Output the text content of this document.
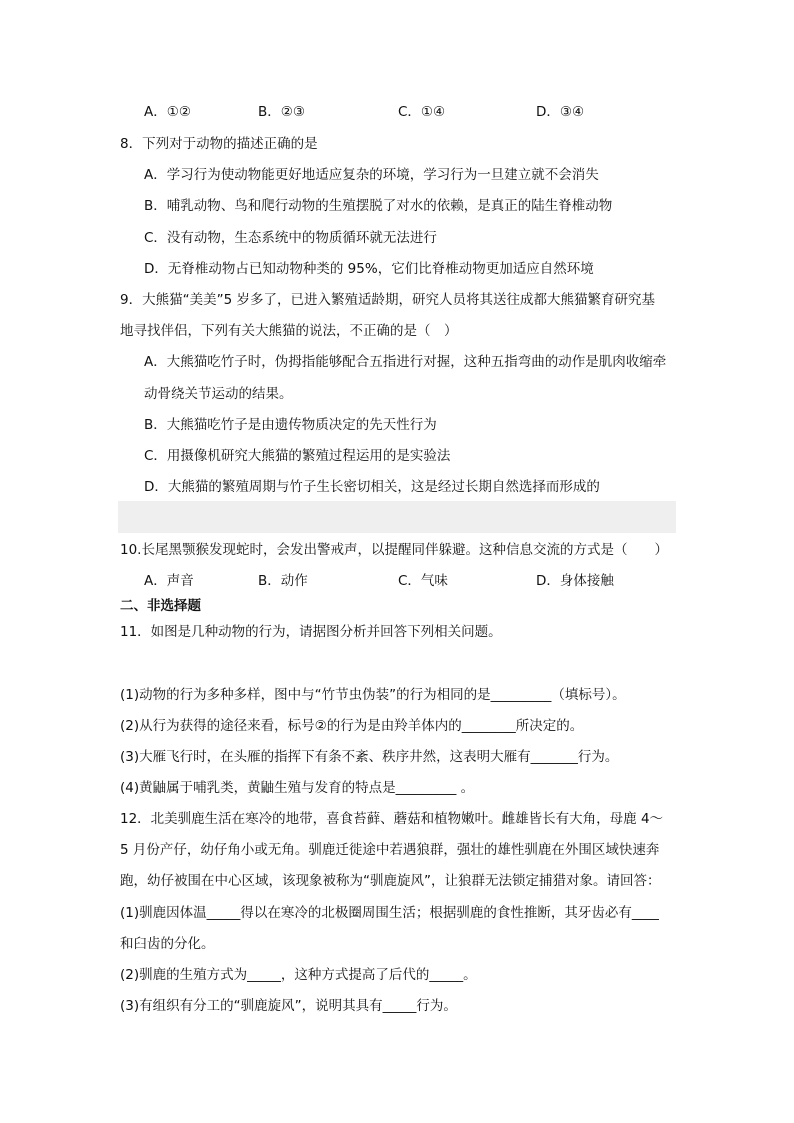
A．①②	B．②③	C．①④	D．③④
8．下列对于动物的描述正确的是
A．学习行为使动物能更好地适应复杂的环境，学习行为一旦建立就不会消失
B．哺乳动物、鸟和爬行动物的生殖摆脱了对水的依赖，是真正的陆生脊椎动物
C．没有动物，生态系统中的物质循环就无法进行
D．无脊椎动物占已知动物种类的 95%，它们比脊椎动物更加适应自然环境
9．大熊猫“美美”5 岁多了，已进入繁殖适龄期，研究人员将其送往成都大熊猫繁育研究基
地寻找伴侣，下列有关大熊猫的说法，不正确的是（　）
A．大熊猫吃竹子时，伪拇指能够配合五指进行对握，这种五指弯曲的动作是肌肉收缩牵
动骨绕关节运动的结果。
B．大熊猫吃竹子是由遗传物质决定的先天性行为
C．用摄像机研究大熊猫的繁殖过程运用的是实验法
D．大熊猫的繁殖周期与竹子生长密切相关，这是经过长期自然选择而形成的
10.长尾黑颚猴发现蛇时，会发出警戒声，以提醒同伴躲避。这种信息交流的方式是（　　）
A．声音	B．动作	C．气味	D．身体接触
二、非选择题
11．如图是几种动物的行为，请据图分析并回答下列相关问题。
(1)动物的行为多种多样，图中与“竹节虫伪装”的行为相同的是_________（填标号）。
(2)从行为获得的途径来看，标号②的行为是由羚羊体内的________所决定的。
(3)大雁飞行时，在头雁的指挥下有条不紊、秩序井然，这表明大雁有_______行为。
(4)黄鼬属于哺乳类，黄鼬生殖与发育的特点是_________ 。
12．北美驯鹿生活在寒冷的地带，喜食苔藓、蘑菇和植物嫩叶。雌雄皆长有大角，母鹿 4～
5 月份产仔，幼仔角小或无角。驯鹿迁徙途中若遇狼群，强壮的雄性驯鹿在外围区域快速奔
跑，幼仔被围在中心区域，该现象被称为“驯鹿旋风”，让狼群无法锁定捕猎对象。请回答：
(1)驯鹿因体温_____得以在寒冷的北极圈周围生活；根据驯鹿的食性推断，其牙齿必有____
和臼齿的分化。
(2)驯鹿的生殖方式为_____，这种方式提高了后代的_____。
(3)有组织有分工的“驯鹿旋风”，说明其具有_____行为。
